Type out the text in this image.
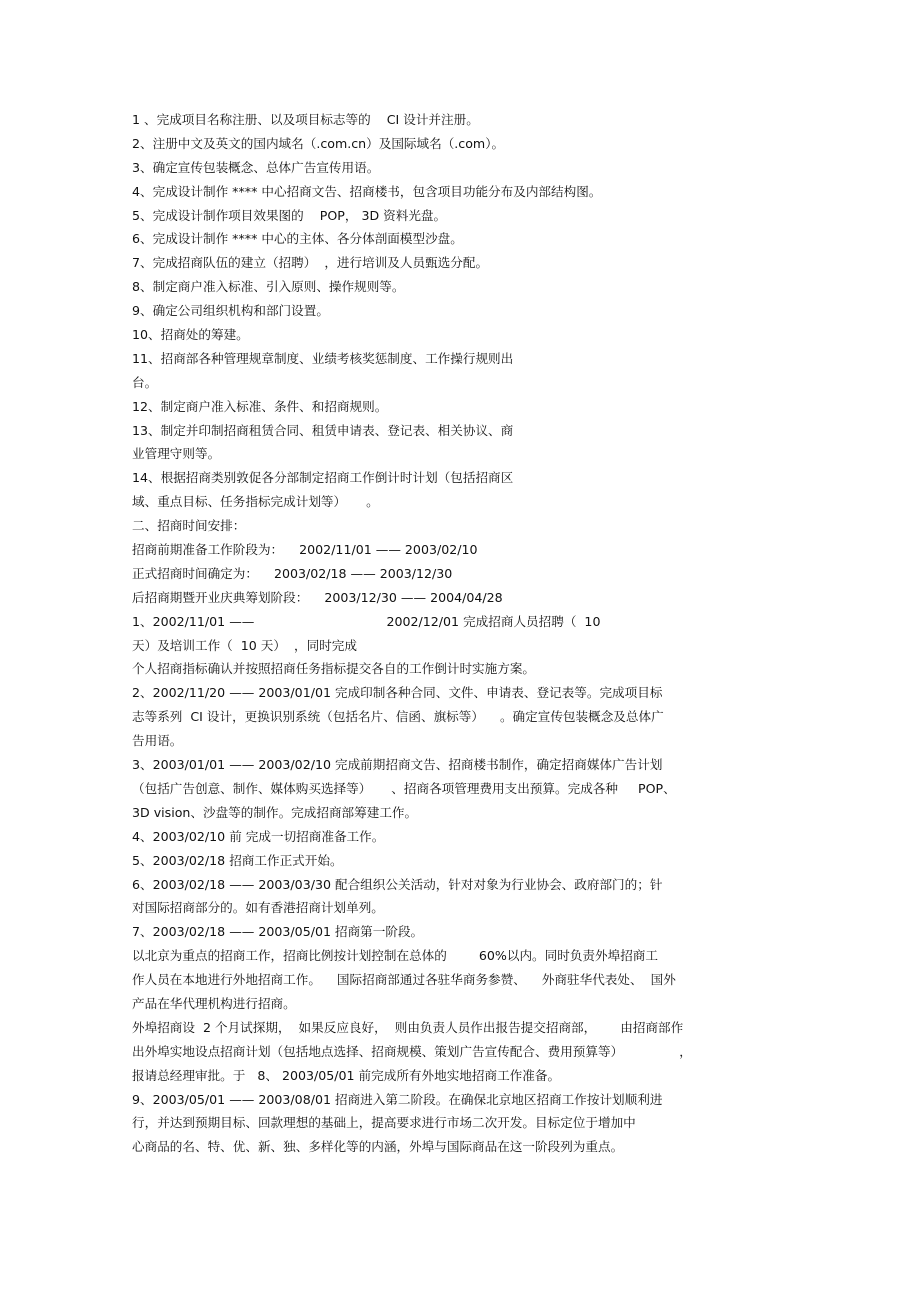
1 、完成项目名称注册、以及项目标志等的    CI 设计并注册。
2、注册中文及英文的国内域名（.com.cn）及国际域名（.com）。
3、确定宣传包装概念、总体广告宣传用语。
4、完成设计制作 **** 中心招商文告、招商楼书，包含项目功能分布及内部结构图。
5、完成设计制作项目效果图的    POP， 3D 资料光盘。
6、完成设计制作 **** 中心的主体、各分体剖面模型沙盘。
7、完成招商队伍的建立（招聘）  ，进行培训及人员甄选分配。
8、制定商户准入标准、引入原则、操作规则等。
9、确定公司组织机构和部门设置。
10、招商处的筹建。
11、招商部各种管理规章制度、业绩考核奖惩制度、工作操行规则出
台。
12、制定商户准入标准、条件、和招商规则。
13、制定并印制招商租赁合同、租赁申请表、登记表、相关协议、商
业管理守则等。
14、根据招商类别敦促各分部制定招商工作倒计时计划（包括招商区
域、重点目标、任务指标完成计划等）     。
二、招商时间安排：
招商前期准备工作阶段为：    2002/11/01 —— 2003/02/10
正式招商时间确定为：    2003/02/18 —— 2003/12/30
后招商期暨开业庆典筹划阶段：    2003/12/30 —— 2004/04/28
1、2002/11/01 ——                                 2002/12/01 完成招商人员招聘（  10
天）及培训工作（  10 天）  ，同时完成
个人招商指标确认并按照招商任务指标提交各自的工作倒计时实施方案。
2、2002/11/20 —— 2003/01/01 完成印制各种合同、文件、申请表、登记表等。完成项目标
志等系列  CI 设计，更换识别系统（包括名片、信函、旗标等）    。确定宣传包装概念及总体广
告用语。
3、2003/01/01 —— 2003/02/10 完成前期招商文告、招商楼书制作，确定招商媒体广告计划
（包括广告创意、制作、媒体购买选择等）     、招商各项管理费用支出预算。完成各种     POP、
3D vision、沙盘等的制作。完成招商部筹建工作。
4、2003/02/10 前 完成一切招商准备工作。
5、2003/02/18 招商工作正式开始。
6、2003/02/18 —— 2003/03/30 配合组织公关活动，针对对象为行业协会、政府部门的；针
对国际招商部分的。如有香港招商计划单列。
7、2003/02/18 —— 2003/05/01 招商第一阶段。
以北京为重点的招商工作，招商比例按计划控制在总体的        60%以内。同时负责外埠招商工
作人员在本地进行外地招商工作。    国际招商部通过各驻华商务参赞、    外商驻华代表处、  国外
产品在华代理机构进行招商。
外埠招商设  2 个月试探期，  如果反应良好，  则由负责人员作出报告提交招商部，      由招商部作
出外埠实地设点招商计划（包括地点选择、招商规模、策划广告宣传配合、费用预算等）              ，
报请总经理审批。于   8、 2003/05/01 前完成所有外地实地招商工作准备。
9、2003/05/01 —— 2003/08/01 招商进入第二阶段。在确保北京地区招商工作按计划顺利进
行，并达到预期目标、回款理想的基础上，提高要求进行市场二次开发。目标定位于增加中
心商品的名、特、优、新、独、多样化等的内涵，外埠与国际商品在这一阶段列为重点。
